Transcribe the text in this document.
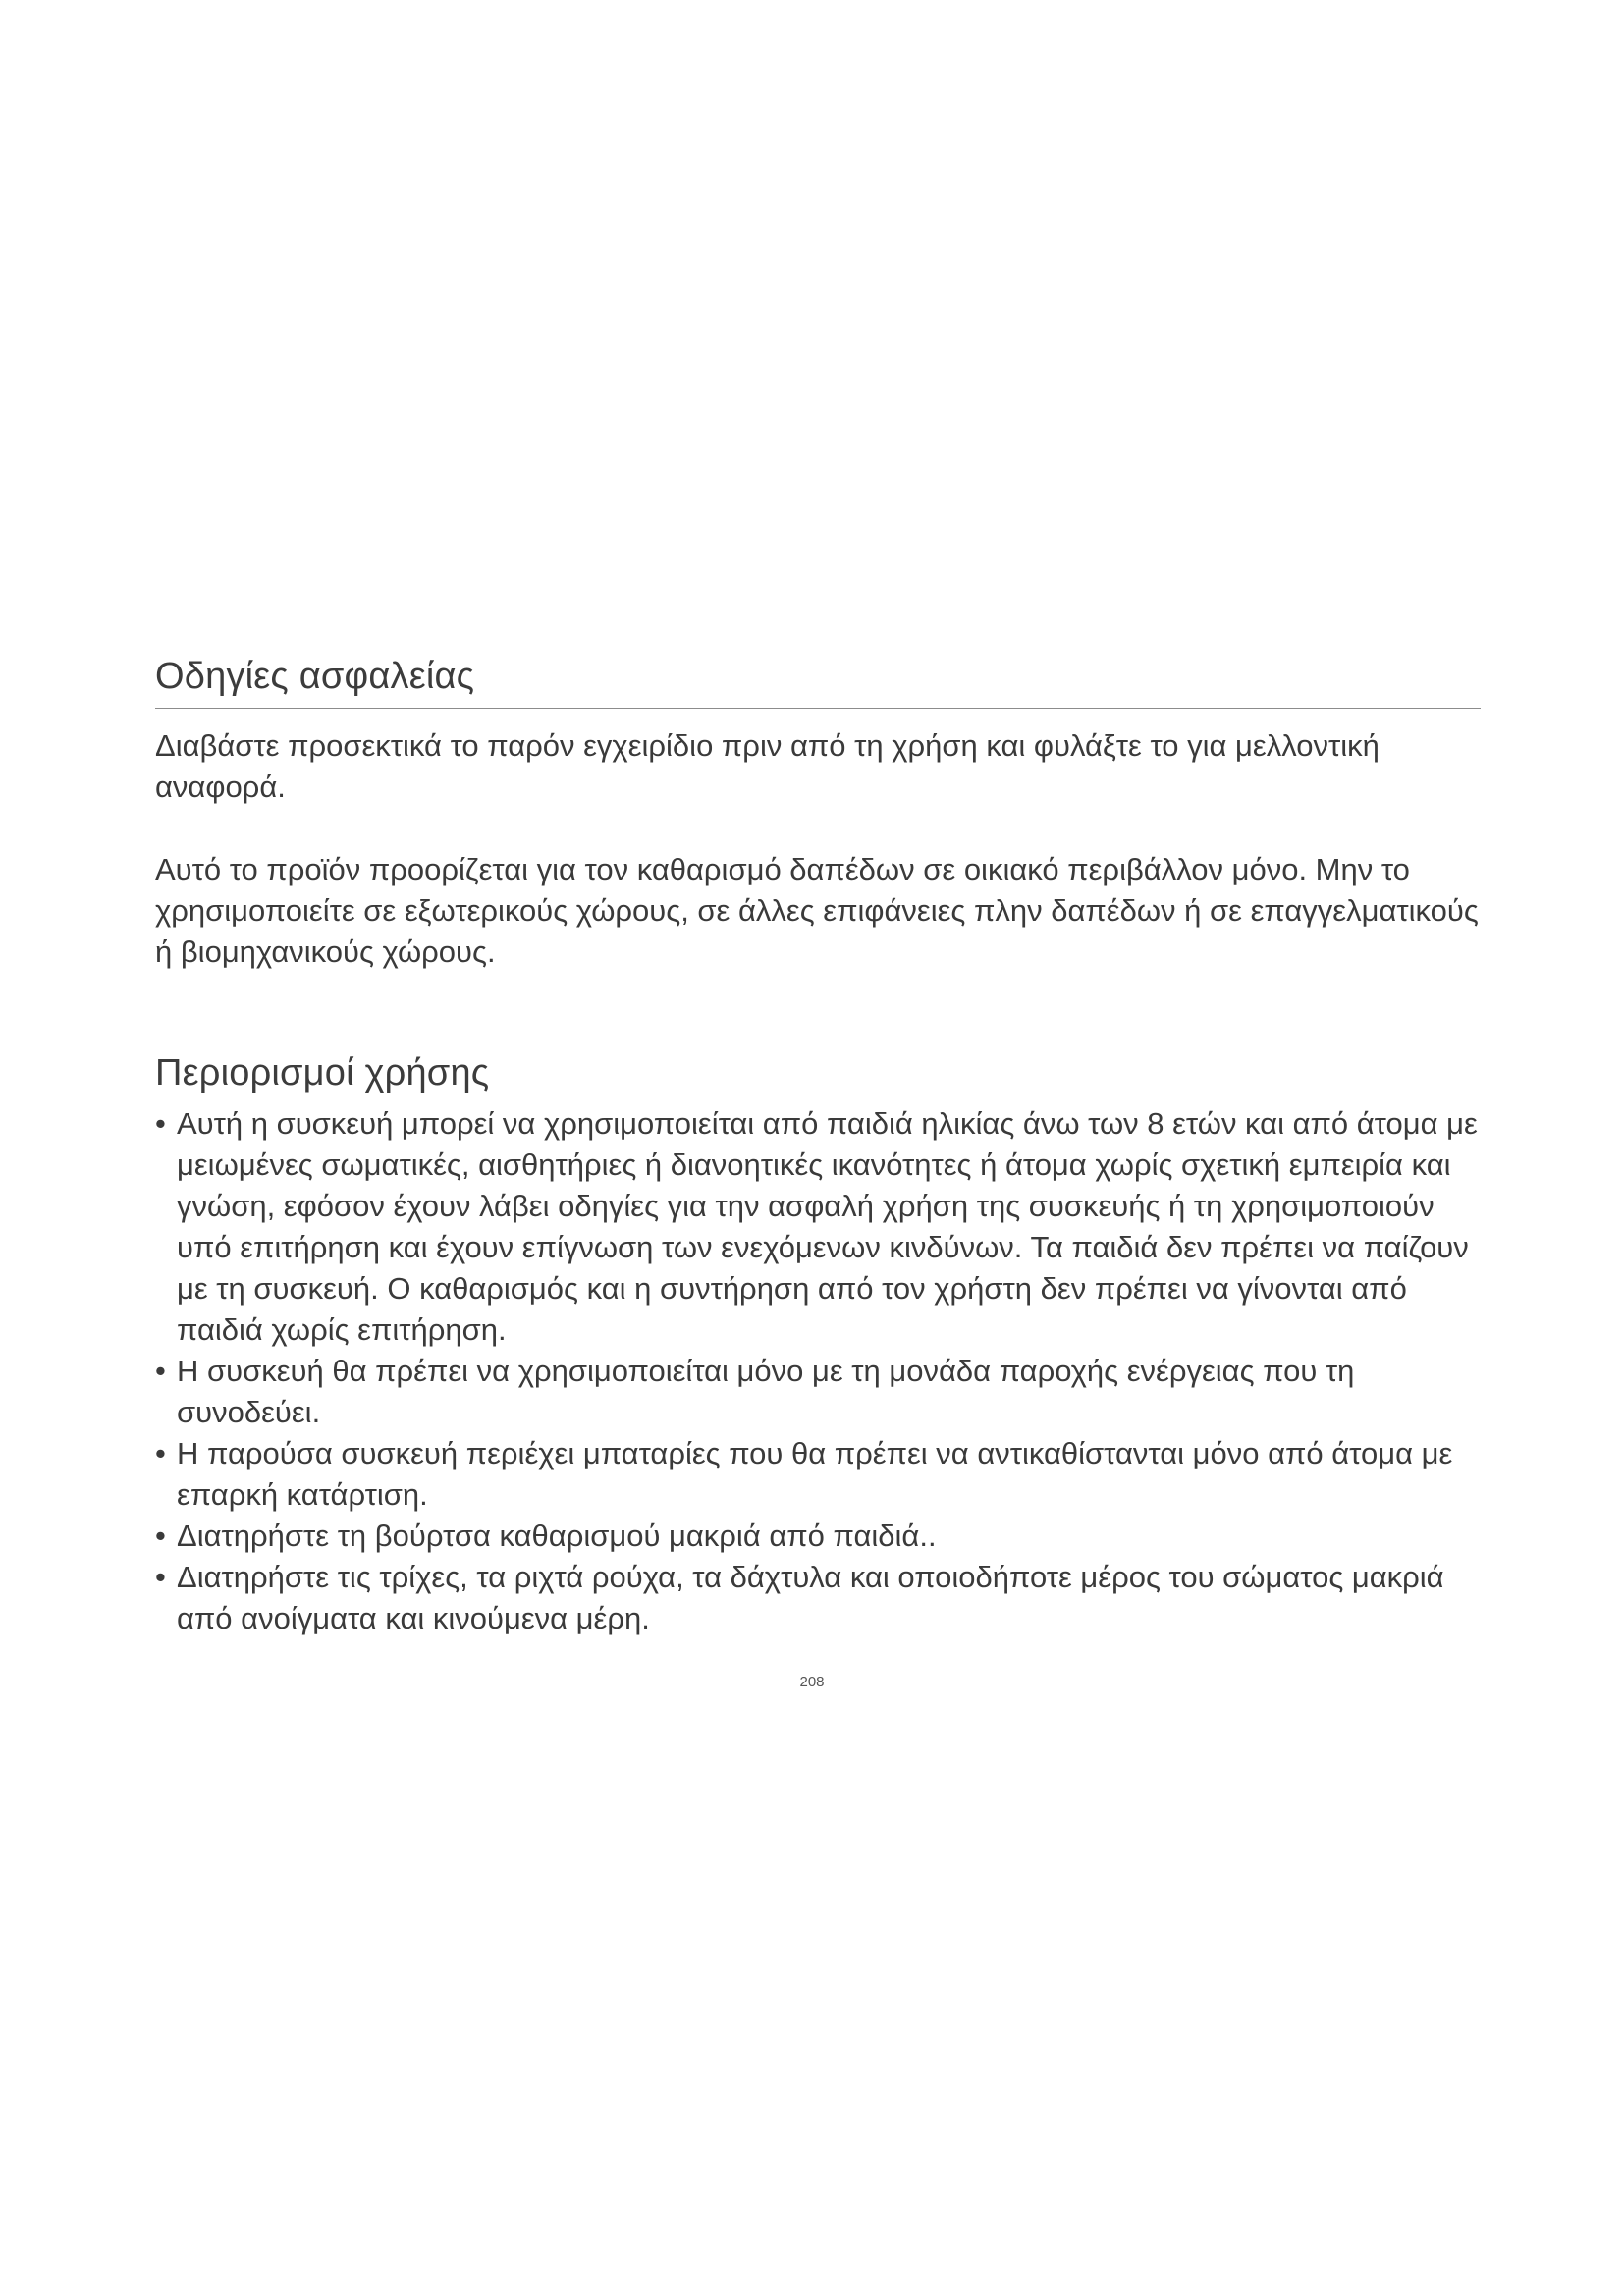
Οδηγίες ασφαλείας

Διαβάστε προσεκτικά το παρόν εγχειρίδιο πριν από τη χρήση και φυλάξτε το για μελλοντική αναφορά.

Αυτό το προϊόν προορίζεται για τον καθαρισμό δαπέδων σε οικιακό περιβάλλον μόνο. Μην το χρησιμοποιείτε σε εξωτερικούς χώρους, σε άλλες επιφάνειες πλην δαπέδων ή σε επαγγελματικούς ή βιομηχανικούς χώρους.

Περιορισμοί χρήσης
• Αυτή η συσκευή μπορεί να χρησιμοποιείται από παιδιά ηλικίας άνω των 8 ετών και από άτομα με μειωμένες σωματικές, αισθητήριες ή διανοητικές ικανότητες ή άτομα χωρίς σχετική εμπειρία και γνώση, εφόσον έχουν λάβει οδηγίες για την ασφαλή χρήση της συσκευής ή τη χρησιμοποιούν υπό επιτήρηση και έχουν επίγνωση των ενεχόμενων κινδύνων. Τα παιδιά δεν πρέπει να παίζουν με τη συσκευή. Ο καθαρισμός και η συντήρηση από τον χρήστη δεν πρέπει να γίνονται από παιδιά χωρίς επιτήρηση.
• Η συσκευή θα πρέπει να χρησιμοποιείται μόνο με τη μονάδα παροχής ενέργειας που τη συνοδεύει.
• Η παρούσα συσκευή περιέχει μπαταρίες που θα πρέπει να αντικαθίστανται μόνο από άτομα με επαρκή κατάρτιση.
• Διατηρήστε τη βούρτσα καθαρισμού μακριά από παιδιά..
• Διατηρήστε τις τρίχες, τα ριχτά ρούχα, τα δάχτυλα και οποιοδήποτε μέρος του σώματος μακριά από ανοίγματα και κινούμενα μέρη.
208
